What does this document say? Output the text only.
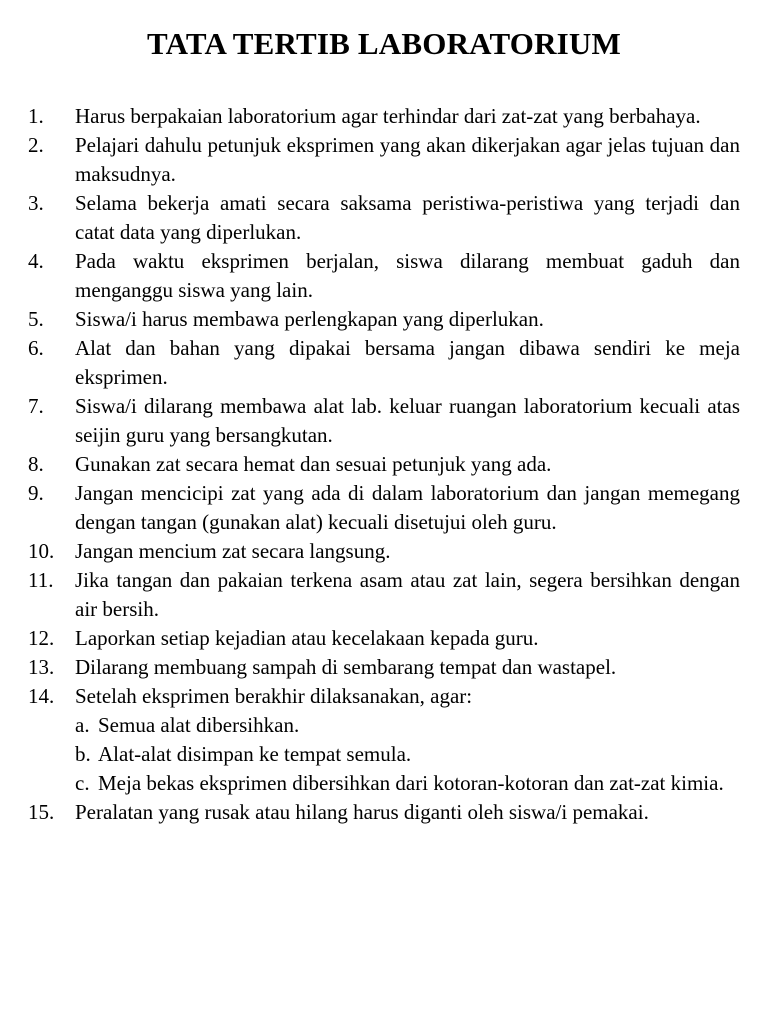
TATA TERTIB LABORATORIUM
1.	Harus berpakaian laboratorium agar terhindar dari zat-zat yang berbahaya.
2.	Pelajari dahulu petunjuk eksprimen yang akan dikerjakan agar jelas tujuan dan maksudnya.
3.	Selama bekerja amati secara saksama peristiwa-peristiwa yang terjadi dan catat data yang diperlukan.
4.	Pada waktu eksprimen berjalan, siswa dilarang membuat gaduh dan menganggu siswa yang lain.
5.	Siswa/i harus membawa perlengkapan yang diperlukan.
6.	Alat dan bahan yang dipakai bersama jangan dibawa sendiri ke meja eksprimen.
7.	Siswa/i dilarang membawa alat lab. keluar ruangan laboratorium kecuali atas seijin guru yang bersangkutan.
8.	Gunakan zat secara hemat dan sesuai petunjuk yang ada.
9.	Jangan mencicipi zat yang ada di dalam laboratorium dan jangan memegang dengan tangan (gunakan alat) kecuali disetujui oleh guru.
10. Jangan mencium zat secara langsung.
11.	Jika tangan dan pakaian terkena asam atau zat lain, segera bersihkan dengan air bersih.
12. Laporkan setiap kejadian atau kecelakaan kepada guru.
13. Dilarang membuang sampah di sembarang tempat dan wastapel.
14. Setelah eksprimen berakhir dilaksanakan, agar:
a. Semua alat dibersihkan.
b. Alat-alat disimpan ke tempat semula.
c. Meja bekas eksprimen dibersihkan dari kotoran-kotoran dan zat-zat kimia.
15. Peralatan yang rusak atau hilang harus diganti oleh siswa/i pemakai.
